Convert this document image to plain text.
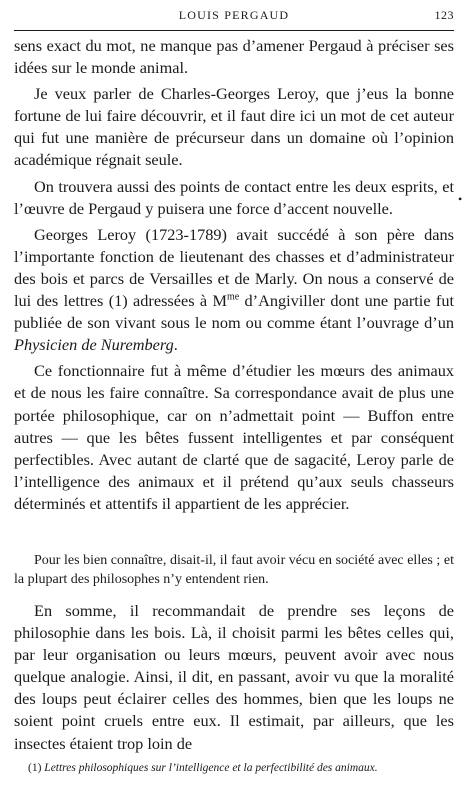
LOUIS PERGAUD	123

sens exact du mot, ne manque pas d’amener Pergaud à préciser ses idées sur le monde animal.

Je veux parler de Charles-Georges Leroy, que j’eus la bonne fortune de lui faire découvrir, et il faut dire ici un mot de cet auteur qui fut une manière de précurseur dans un domaine où l’opinion académique régnait seule.

On trouvera aussi des points de contact entre les deux esprits, et l’œuvre de Pergaud y puisera une force d’accent nouvelle.

Georges Leroy (1723-1789) avait succédé à son père dans l’importante fonction de lieutenant des chasses et d’administrateur des bois et parcs de Versailles et de Marly. On nous a conservé de lui des lettres (1) adressées à $M^{me}$ d’Angiviller dont une partie fut publiée de son vivant sous le nom ou comme étant l’ouvrage d’un Physicien de Nuremberg.

Ce fonctionnaire fut à même d’étudier les mœurs des animaux et de nous les faire connaître. Sa correspondance avait de plus une portée philosophique, car on n’admettait point — Buffon entre autres — que les bêtes fussent intelligentes et par conséquent perfectibles. Avec autant de clarté que de sagacité, Leroy parle de l’intelligence des animaux et il prétend qu’aux seuls chasseurs déterminés et attentifs il appartient de les apprécier.

Pour les bien connaître, disait-il, il faut avoir vécu en société avec elles ; et la plupart des philosophes n’y entendent rien.

En somme, il recommandait de prendre ses leçons de philosophie dans les bois. Là, il choisit parmi les bêtes celles qui, par leur organisation ou leurs mœurs, peuvent avoir avec nous quelque analogie. Ainsi, il dit, en passant, avoir vu que la moralité des loups peut éclairer celles des hommes, bien que les loups ne soient point cruels entre eux. Il estimait, par ailleurs, que les insectes étaient trop loin de

(1) Lettres philosophiques sur l’intelligence et la perfectibilité des animaux.

•
